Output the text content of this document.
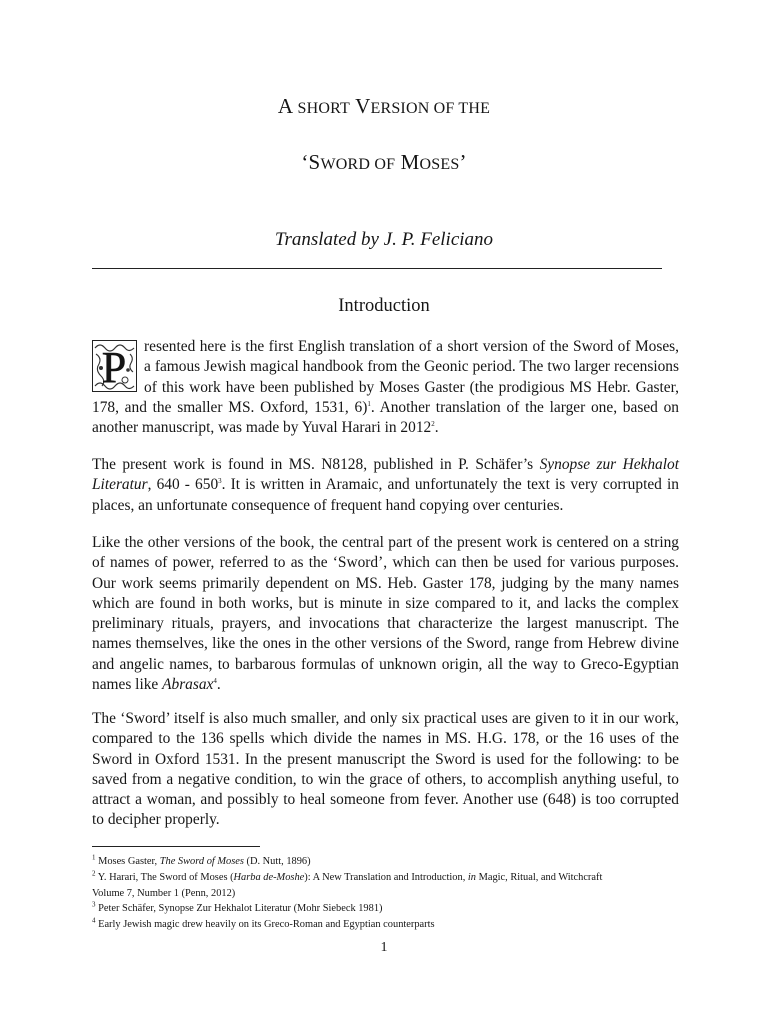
A SHORT VERSION OF THE
‘SWORD OF MOSES’
Translated by J. P. Feliciano
Introduction
P resented here is the first English translation of a short version of the Sword of Moses, a famous Jewish magical handbook from the Geonic period. The two larger recensions of this work have been published by Moses Gaster (the prodigious MS Hebr. Gaster, 178, and the smaller MS. Oxford, 1531, 6)$^1$. Another translation of the larger one, based on another manuscript, was made by Yuval Harari in 2012$^2$.
The present work is found in MS. N8128, published in P. Schäfer’s Synopse zur Hekhalot Literatur, $640 - 650^3$. It is written in Aramaic, and unfortunately the text is very corrupted in places, an unfortunate consequence of frequent hand copying over centuries.
Like the other versions of the book, the central part of the present work is centered on a string of names of power, referred to as the ‘Sword’, which can then be used for various purposes. Our work seems primarily dependent on MS. Heb. Gaster 178, judging by the many names which are found in both works, but is minute in size compared to it, and lacks the complex preliminary rituals, prayers, and invocations that characterize the largest manuscript. The names themselves, like the ones in the other versions of the Sword, range from Hebrew divine and angelic names, to barbarous formulas of unknown origin, all the way to Greco-Egyptian names like Abrasax$^4$.
The ‘Sword’ itself is also much smaller, and only six practical uses are given to it in our work, compared to the 136 spells which divide the names in MS. H.G. 178, or the 16 uses of the Sword in Oxford 1531. In the present manuscript the Sword is used for the following: to be saved from a negative condition, to win the grace of others, to accomplish anything useful, to attract a woman, and possibly to heal someone from fever. Another use (648) is too corrupted to decipher properly.
$^1$ Moses Gaster, The Sword of Moses (D. Nutt, 1896)
$^2$ Y. Harari, The Sword of Moses (Harba de-Moshe): A New Translation and Introduction, in Magic, Ritual, and Witchcraft
Volume 7, Number 1 (Penn, 2012)
$^3$ Peter Schäfer, Synopse Zur Hekhalot Literatur (Mohr Siebeck 1981)
$^4$ Early Jewish magic drew heavily on its Greco-Roman and Egyptian counterparts
1
